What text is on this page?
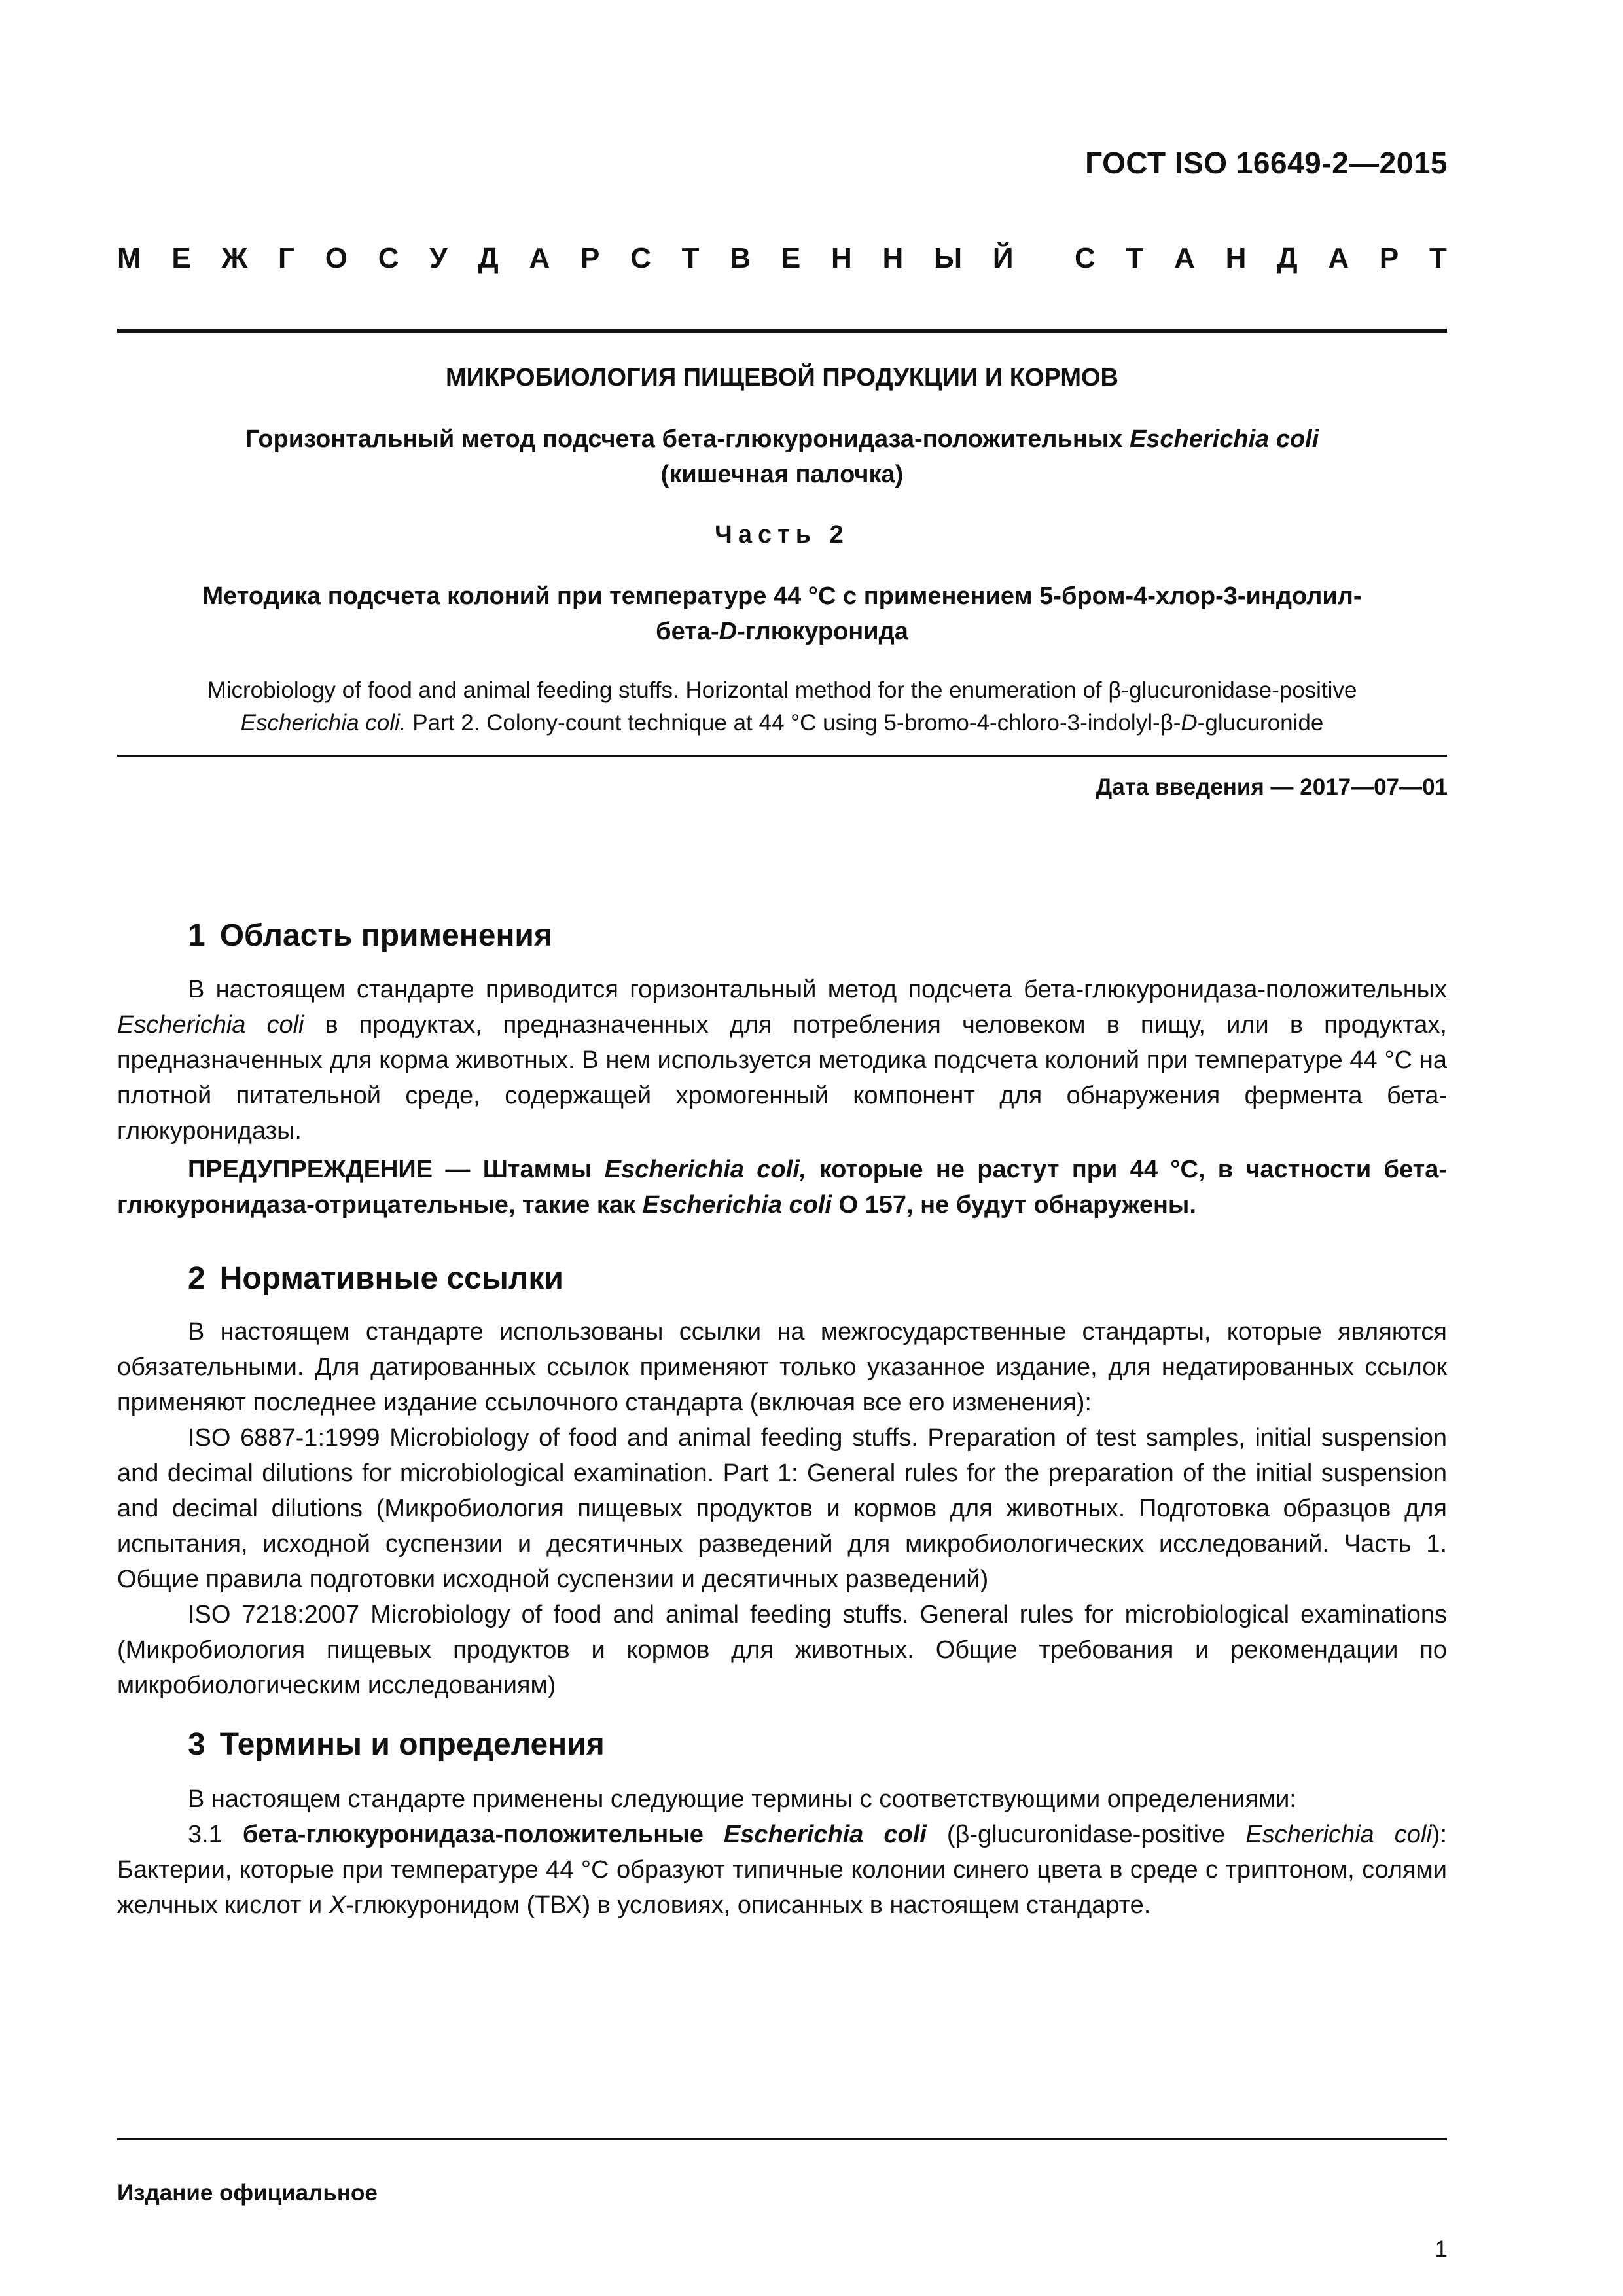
ГОСТ ISO 16649-2—2015
М Е Ж Г О С У Д А Р С Т В Е Н Н Ы Й С Т А Н Д А Р Т
МИКРОБИОЛОГИЯ ПИЩЕВОЙ ПРОДУКЦИИ И КОРМОВ
Горизонтальный метод подсчета бета-глюкуронидаза-положительных Escherichia coli
(кишечная палочка)
Часть 2
Методика подсчета колоний при температуре 44 °С с применением 5-бром-4-хлор-3-индолил-
бета-D-глюкуронида
Microbiology of food and animal feeding stuffs. Horizontal method for the enumeration of β-glucuronidase-positive
Escherichia coli. Part 2. Colony-count technique at 44 °C using 5-bromo-4-chloro-3-indolyl-β-D-glucuronide
Дата введения — 2017—07—01
1 Область применения

В настоящем стандарте приводится горизонтальный метод подсчета бета-глюкуронидаза-положительных Escherichia coli в продуктах, предназначенных для потребления человеком в пищу, или в продуктах, предназначенных для корма животных. В нем используется методика подсчета колоний при температуре 44 °С на плотной питательной среде, содержащей хромогенный компонент для обнаружения фермента бета-глюкуронидазы.

ПРЕДУПРЕЖДЕНИЕ — Штаммы Escherichia coli, которые не растут при 44 °С, в частности бета-глюкуронидаза-отрицательные, такие как Escherichia coli О 157, не будут обнаружены.

2 Нормативные ссылки

В настоящем стандарте использованы ссылки на межгосударственные стандарты, которые являются обязательными. Для датированных ссылок применяют только указанное издание, для недатированных ссылок применяют последнее издание ссылочного стандарта (включая все его изменения):

ISO 6887-1:1999 Microbiology of food and animal feeding stuffs. Preparation of test samples, initial suspension and decimal dilutions for microbiological examination. Part 1: General rules for the preparation of the initial suspension and decimal dilutions (Микробиология пищевых продуктов и кормов для животных. Подготовка образцов для испытания, исходной суспензии и десятичных разведений для микробиологических исследований. Часть 1. Общие правила подготовки исходной суспензии и десятичных разведений)

ISO 7218:2007 Microbiology of food and animal feeding stuffs. General rules for microbiological examinations (Микробиология пищевых продуктов и кормов для животных. Общие требования и рекомендации по микробиологическим исследованиям)

3 Термины и определения

В настоящем стандарте применены следующие термины с соответствующими определениями:

3.1 бета-глюкуронидаза-положительные Escherichia coli (β-glucuronidase-positive Escherichia coli): Бактерии, которые при температуре 44 °С образуют типичные колонии синего цвета в среде с триптоном, солями желчных кислот и X-глюкуронидом (ТВХ) в условиях, описанных в настоящем стандарте.

Издание официальное
1
